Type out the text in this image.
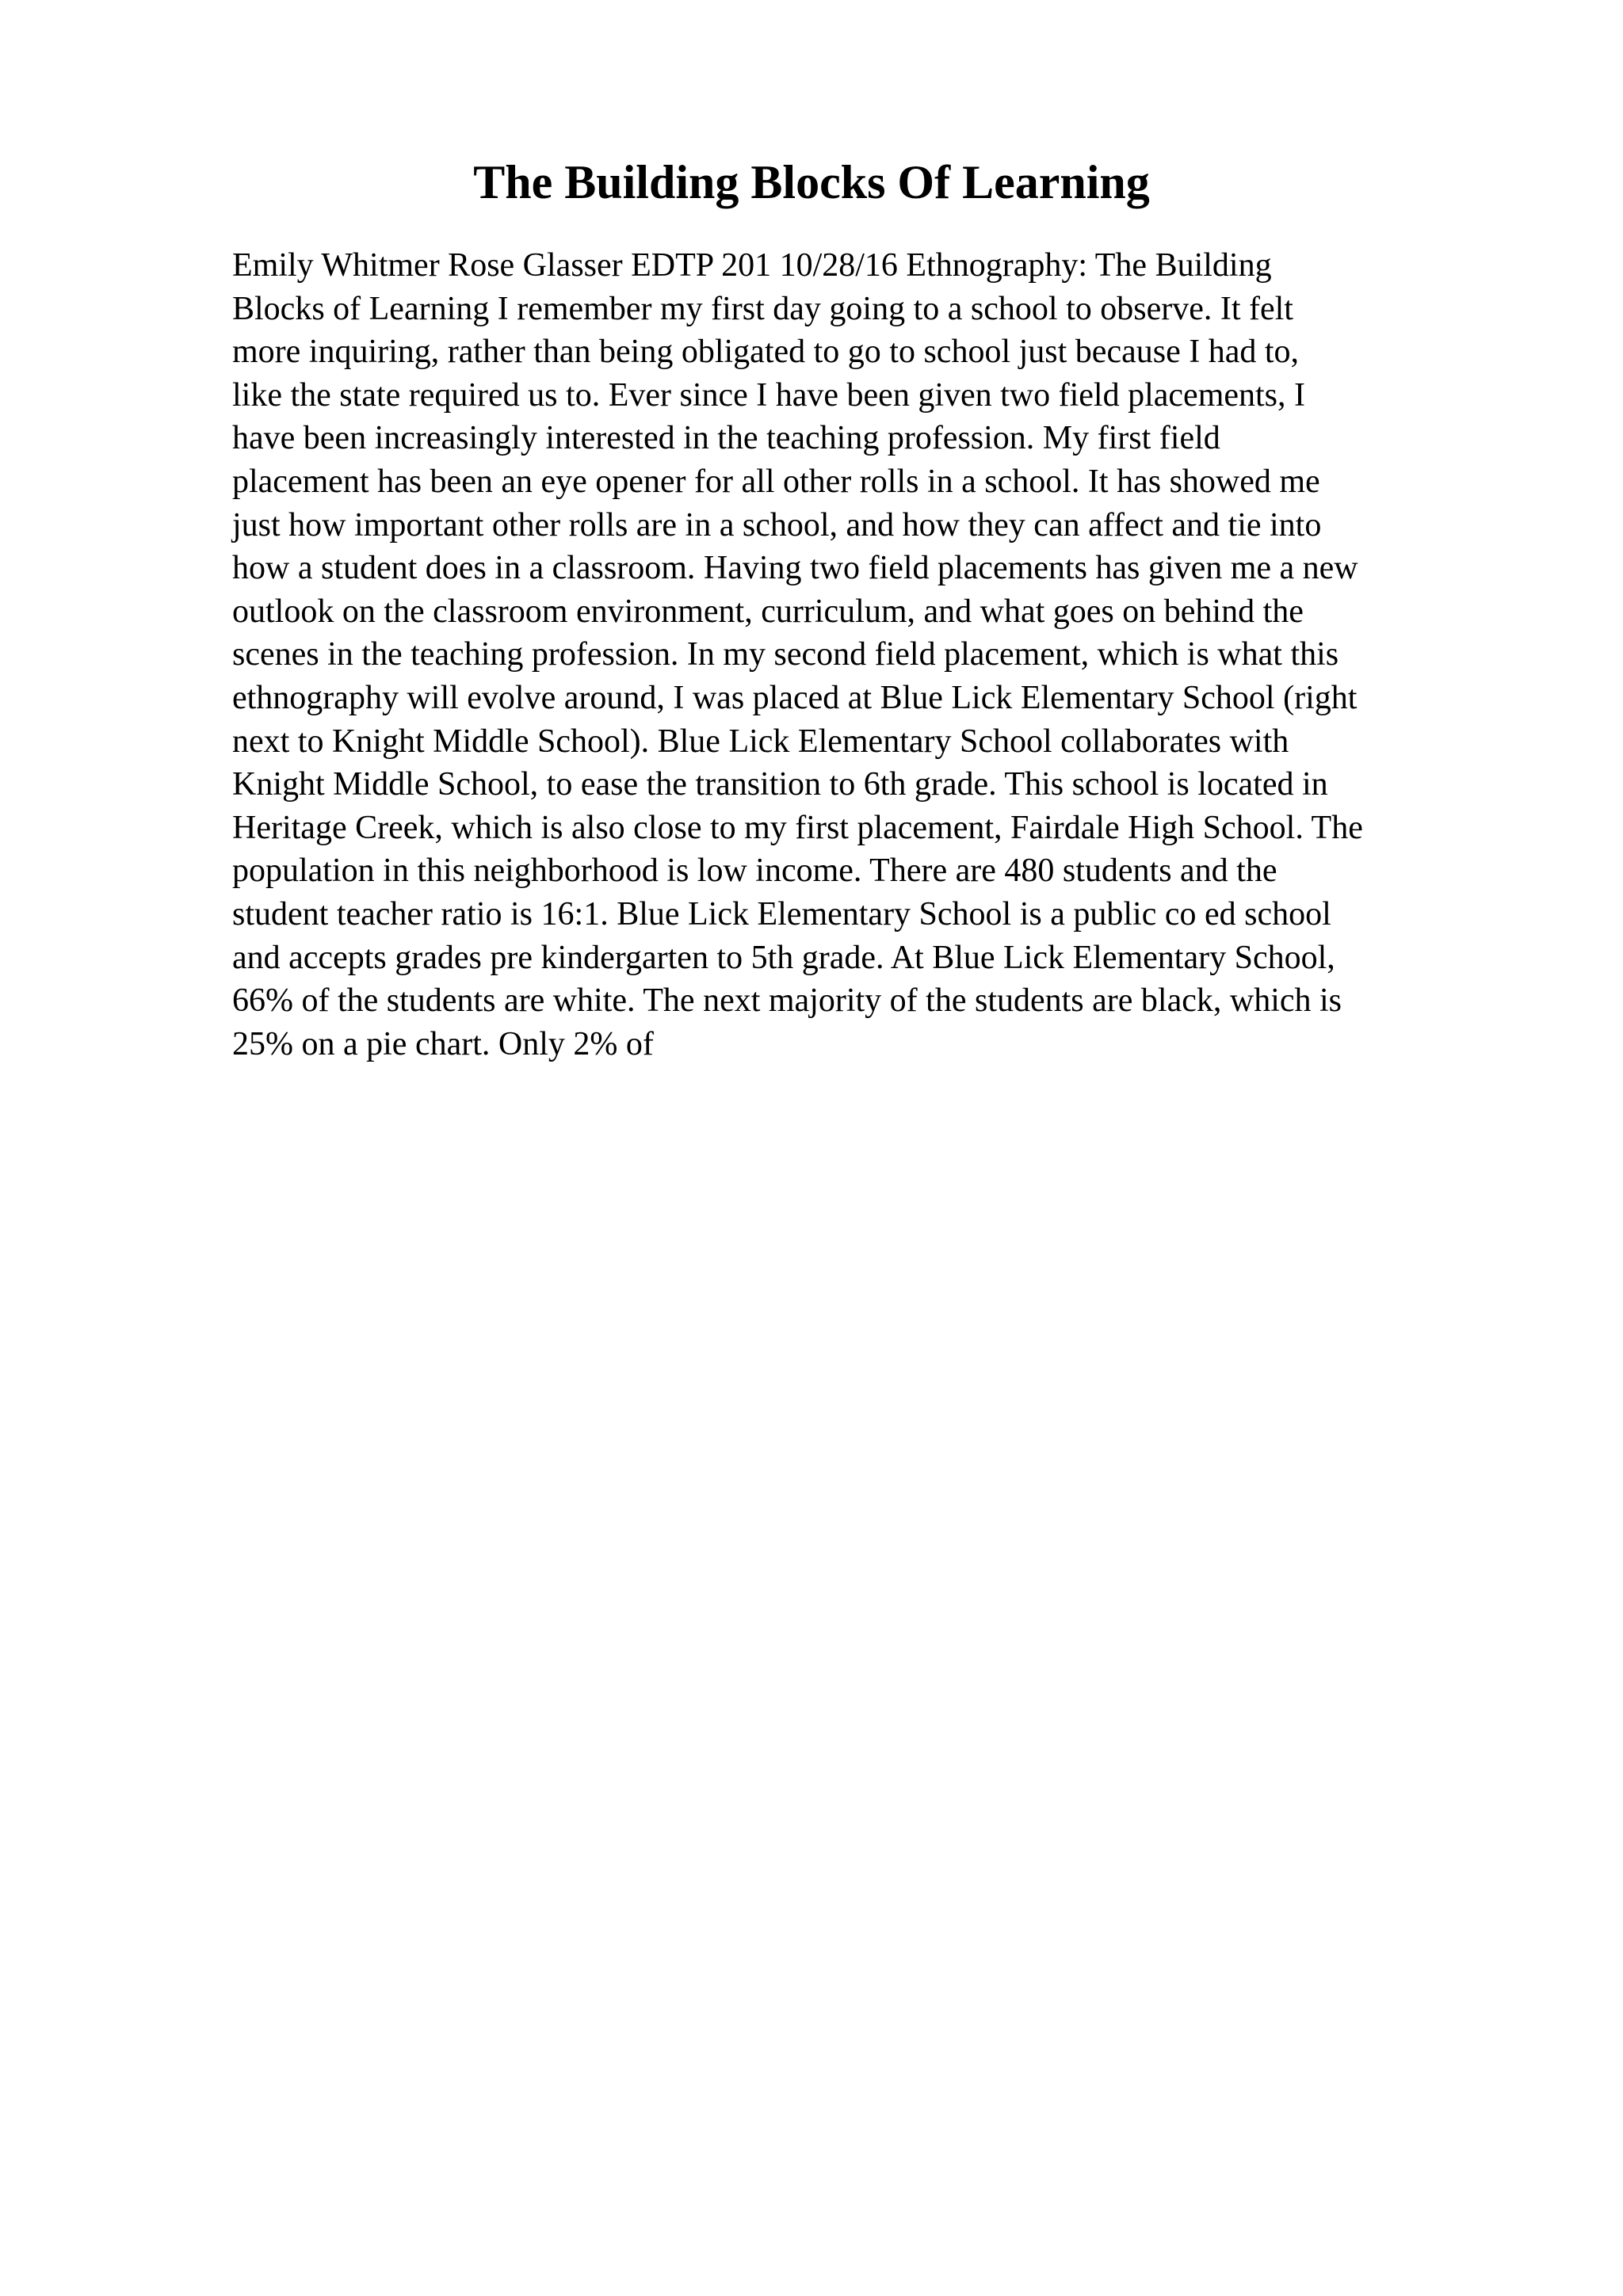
The Building Blocks Of Learning
Emily Whitmer Rose Glasser EDTP 201 10/28/16 Ethnography: The Building
Blocks of Learning I remember my first day going to a school to observe. It felt
more inquiring, rather than being obligated to go to school just because I had to,
like the state required us to. Ever since I have been given two field placements, I
have been increasingly interested in the teaching profession. My first field
placement has been an eye opener for all other rolls in a school. It has showed me
just how important other rolls are in a school, and how they can affect and tie into
how a student does in a classroom. Having two field placements has given me a new
outlook on the classroom environment, curriculum, and what goes on behind the
scenes in the teaching profession. In my second field placement, which is what this
ethnography will evolve around, I was placed at Blue Lick Elementary School (right
next to Knight Middle School). Blue Lick Elementary School collaborates with
Knight Middle School, to ease the transition to 6th grade. This school is located in
Heritage Creek, which is also close to my first placement, Fairdale High School. The
population in this neighborhood is low income. There are 480 students and the
student teacher ratio is 16:1. Blue Lick Elementary School is a public co ed school
and accepts grades pre kindergarten to 5th grade. At Blue Lick Elementary School,
66% of the students are white. The next majority of the students are black, which is
25% on a pie chart. Only 2% of
